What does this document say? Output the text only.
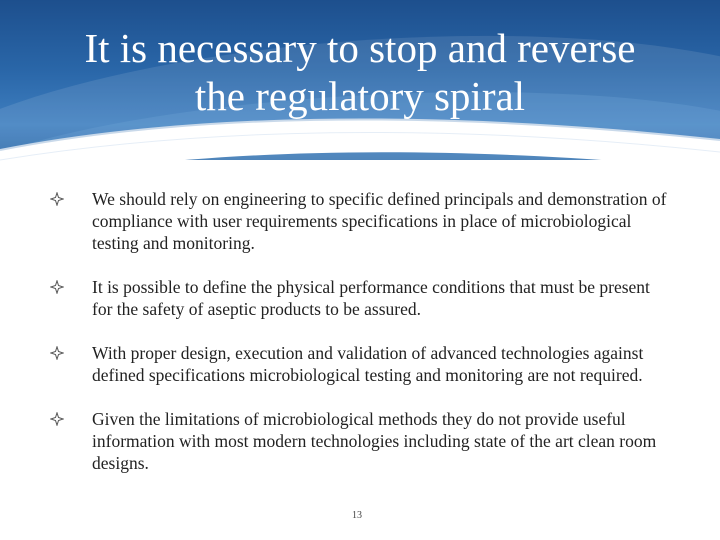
It is necessary to stop and reverse the regulatory spiral
We should rely on engineering to specific defined principals and demonstration of compliance with user requirements specifications in place of microbiological testing and monitoring.
It is possible to define the physical performance conditions that must be present for the safety of aseptic products to be assured.
With proper design, execution and validation of advanced technologies against defined specifications microbiological testing and monitoring are not required.
Given the limitations of microbiological methods they do not provide useful information with most modern technologies including state of the art clean room designs.
13
